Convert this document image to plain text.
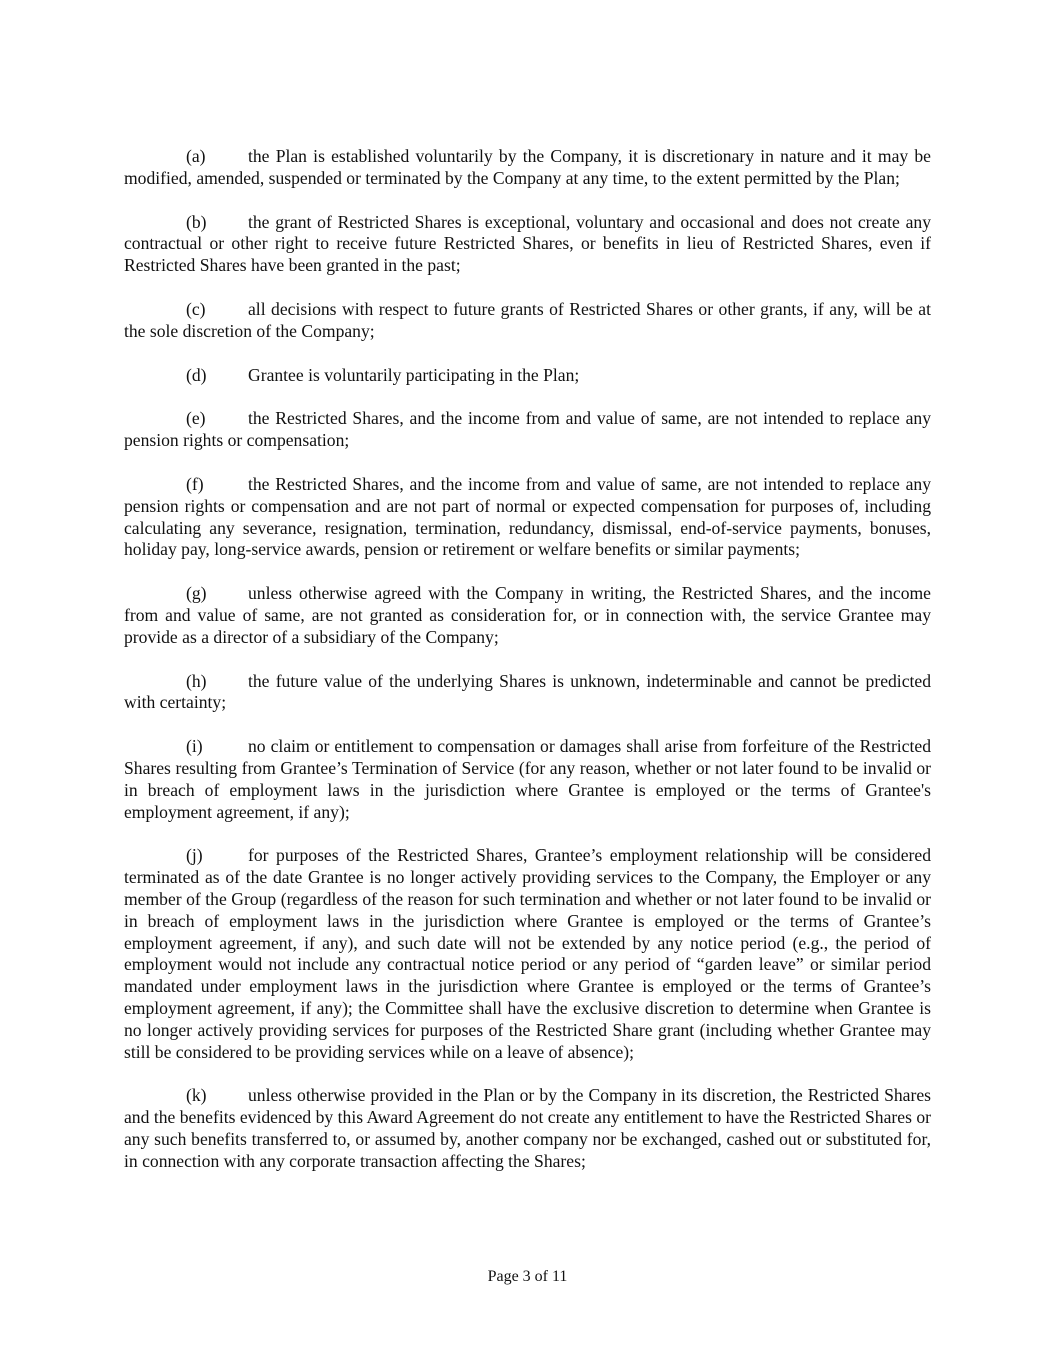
(a) the Plan is established voluntarily by the Company, it is discretionary in nature and it may be modified, amended, suspended or terminated by the Company at any time, to the extent permitted by the Plan;

(b) the grant of Restricted Shares is exceptional, voluntary and occasional and does not create any contractual or other right to receive future Restricted Shares, or benefits in lieu of Restricted Shares, even if Restricted Shares have been granted in the past;

(c) all decisions with respect to future grants of Restricted Shares or other grants, if any, will be at the sole discretion of the Company;

(d) Grantee is voluntarily participating in the Plan;

(e) the Restricted Shares, and the income from and value of same, are not intended to replace any pension rights or compensation;

(f)	the Restricted Shares, and the income from and value of same, are not intended to replace any pension rights or compensation and are not part of normal or expected compensation for purposes of, including calculating any severance, resignation, termination, redundancy, dismissal, end-of-service payments, bonuses, holiday pay, long-service awards, pension or retirement or welfare benefits or similar payments;

(g) unless otherwise agreed with the Company in writing, the Restricted Shares, and the income from and value of same, are not granted as consideration for, or in connection with, the service Grantee may provide as a director of a subsidiary of the Company;

(h) the future value of the underlying Shares is unknown, indeterminable and cannot be predicted with certainty;

(i)	no claim or entitlement to compensation or damages shall arise from forfeiture of the Restricted Shares resulting from Grantee’s Termination of Service (for any reason, whether or not later found to be invalid or in breach of employment laws in the jurisdiction where Grantee is employed or the terms of Grantee's employment agreement, if any);

(j)	for purposes of the Restricted Shares, Grantee’s employment relationship will be considered terminated as of the date Grantee is no longer actively providing services to the Company, the Employer or any member of the Group (regardless of the reason for such termination and whether or not later found to be invalid or in breach of employment laws in the jurisdiction where Grantee is employed or the terms of Grantee’s employment agreement, if any), and such date will not be extended by any notice period (e.g., the period of employment would not include any contractual notice period or any period of “garden leave” or similar period mandated under employment laws in the jurisdiction where Grantee is employed or the terms of Grantee’s employment agreement, if any); the Committee shall have the exclusive discretion to determine when Grantee is no longer actively providing services for purposes of the Restricted Share grant (including whether Grantee may still be considered to be providing services while on a leave of absence);

(k) unless otherwise provided in the Plan or by the Company in its discretion, the Restricted Shares and the benefits evidenced by this Award Agreement do not create any entitlement to have the Restricted Shares or any such benefits transferred to, or assumed by, another company nor be exchanged, cashed out or substituted for, in connection with any corporate transaction affecting the Shares;

Page 3 of 11
